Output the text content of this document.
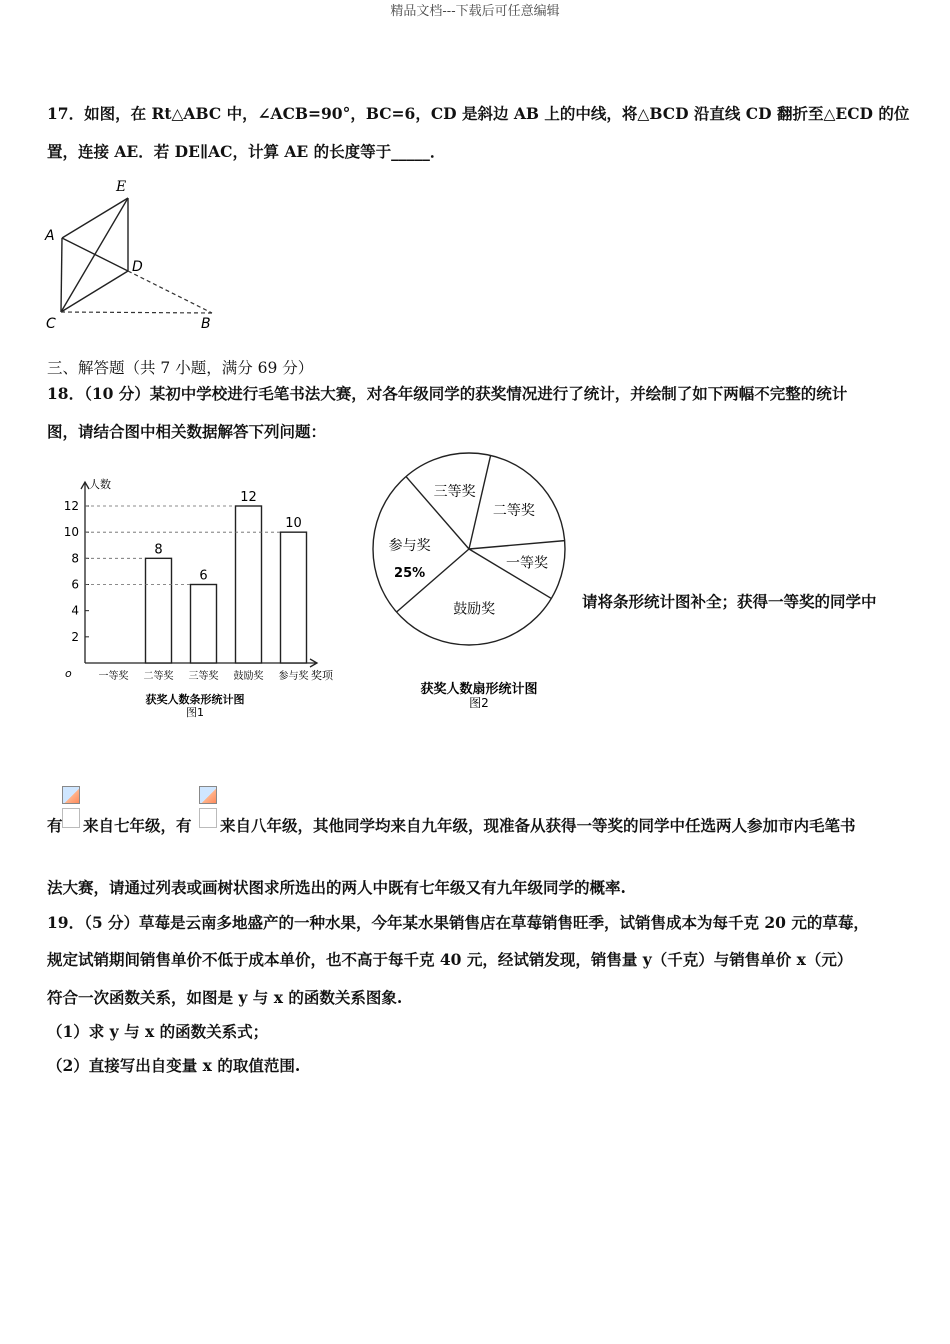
精品文档---下载后可任意编辑
17．如图，在 Rt△ABC 中，∠ACB=90°，BC=6，CD 是斜边 AB 上的中线，将△BCD 沿直线 CD 翻折至△ECD 的位
置，连接 AE．若 DE∥AC，计算 AE 的长度等于_____．
E
A
D
C	B
三、解答题（共 7 小题，满分 69 分）
18．（10 分）某初中学校进行毛笔书法大赛，对各年级同学的获奖情况进行了统计，并绘制了如下两幅不完整的统计
图，请结合图中相关数据解答下列问题：
人数
奖项
o
2
4
6
8
10
12
一等奖 二等奖
8
三等奖
6
鼓励奖
12
参与奖
10
获奖人数条形统计图
图1
三等奖
二等奖
一等奖
鼓励奖
参与奖
25%
获奖人数扇形统计图
图2
请将条形统计图补全；获得一等奖的同学中
有 来自七年级，有 来自八年级，其他同学均来自九年级，现准备从获得一等奖的同学中任选两人参加市内毛笔书
法大赛，请通过列表或画树状图求所选出的两人中既有七年级又有九年级同学的概率.
19．（5 分）草莓是云南多地盛产的一种水果，今年某水果销售店在草莓销售旺季，试销售成本为每千克 20 元的草莓，
规定试销期间销售单价不低于成本单价，也不高于每千克 40 元，经试销发现，销售量 y（千克）与销售单价 x（元）
符合一次函数关系，如图是 y 与 x 的函数关系图象.
（1）求 y 与 x 的函数关系式；
（2）直接写出自变量 x 的取值范围.
